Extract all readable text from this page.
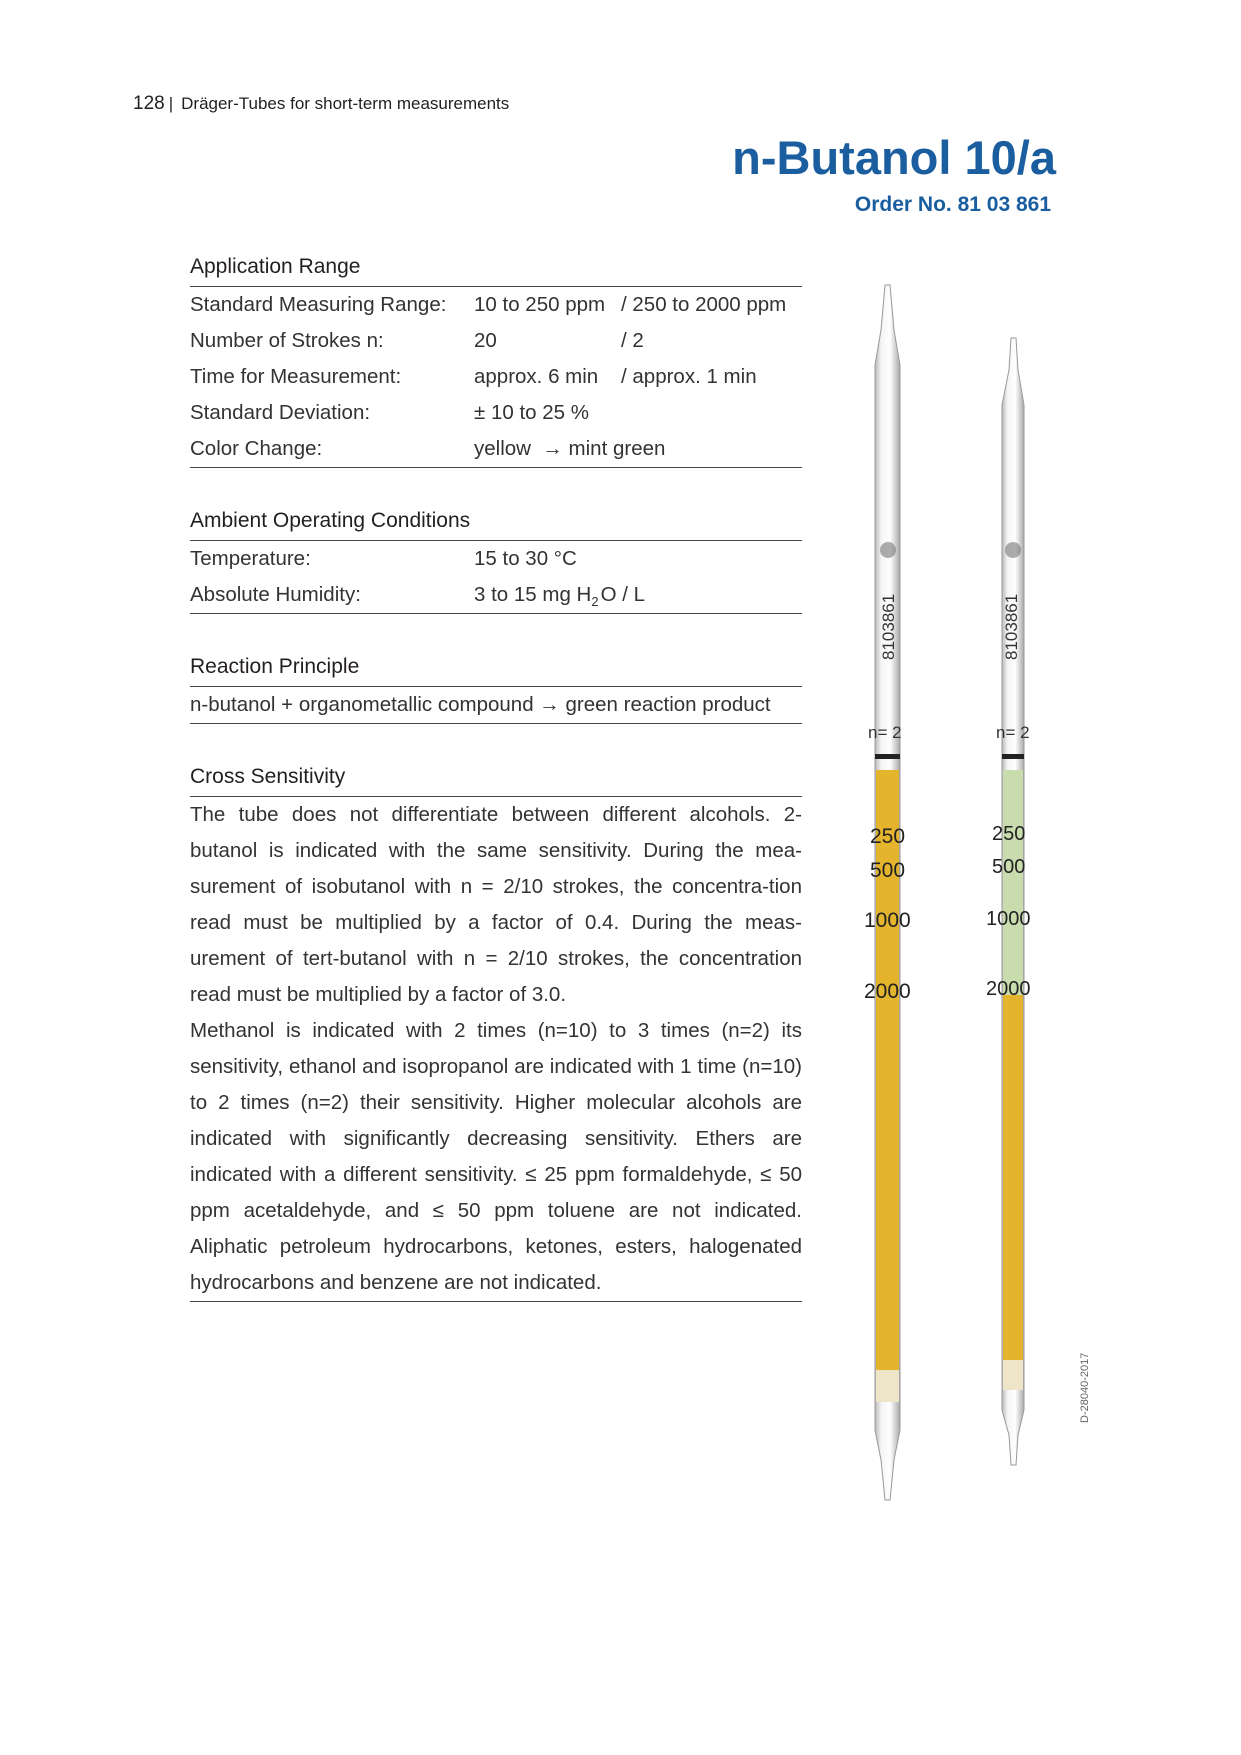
128 | Dräger-Tubes for short-term measurements
n-Butanol 10/a
Order No. 81 03 861
Application Range
Standard Measuring Range:	10 to 250 ppm / 250 to 2000 ppm
Number of Strokes n:	20	/ 2
Time for Measurement:	approx. 6 min	/ approx. 1 min
Standard Deviation:	± 10 to 25 %
Color Change:	yellow  → mint green
Ambient Operating Conditions
Temperature:	15 to 30 °C
Absolute Humidity:	3 to 15 mg $H_2O$ / L
Reaction Principle
n-butanol + organometallic compound → green reaction product
Cross Sensitivity

The tube does not differentiate between different alcohols. 2-butanol is indicated with the same sensitivity. During the mea-surement of isobutanol with n = 2/10 strokes, the concentra-tion read must be multiplied by a factor of 0.4. During the meas-urement of tert-butanol with n = 2/10 strokes, the concentration read must be multiplied by a factor of 3.0.

Methanol is indicated with 2 times (n=10) to 3 times (n=2) its sensitivity, ethanol and isopropanol are indicated with 1 time (n=10) to 2 times (n=2) their sensitivity. Higher molecular alcohols are indicated with significantly decreasing sensitivity. Ethers are indicated with a different sensitivity. ≤ 25 ppm formaldehyde, ≤ 50 ppm acetaldehyde, and ≤ 50 ppm toluene are not indicated. Aliphatic petroleum hydrocarbons, ketones, esters, halogenated hydrocarbons and benzene are not indicated.

8103861
n= 2
250
500
1000
2000
8103861
n= 2
250
500
1000
2000
D-28040-2017
